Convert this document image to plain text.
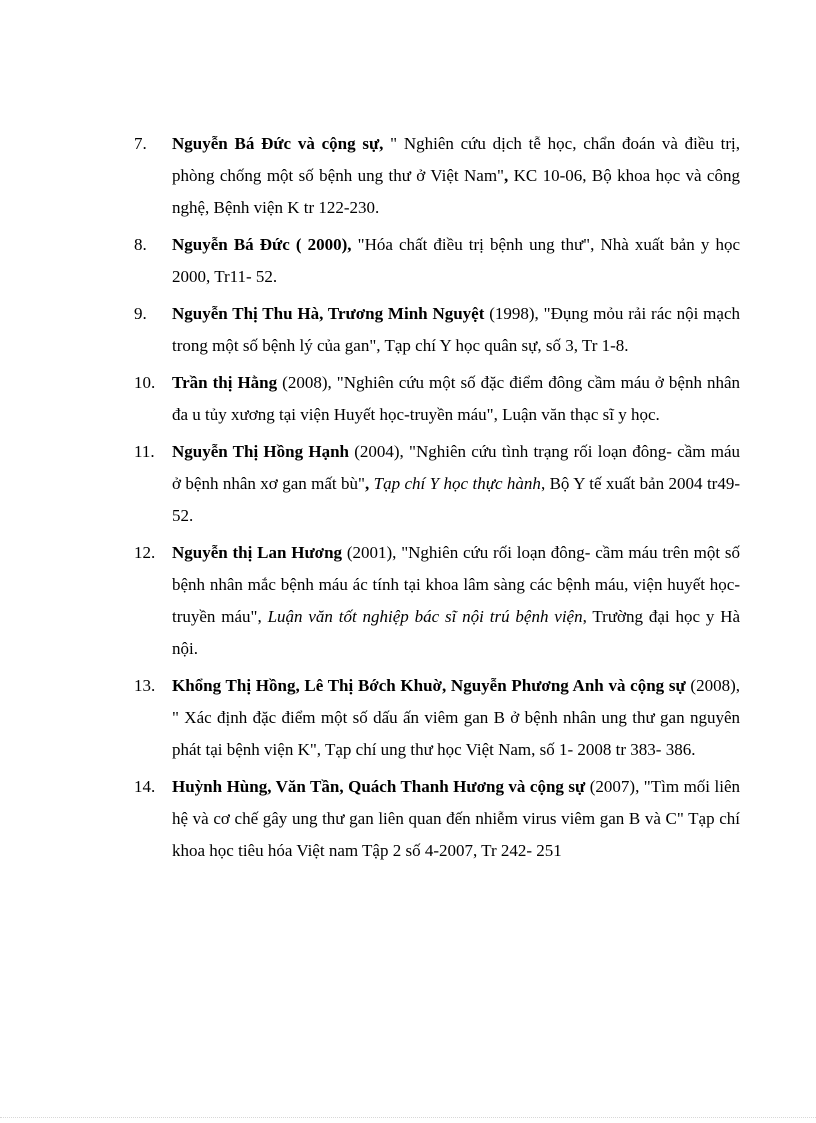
7.	Nguyễn Bá Đức và cộng sự, " Nghiên cứu dịch tễ học, chẩn đoán và điều trị, phòng chống một số bệnh ung thư ở Việt Nam", KC 10-06, Bộ khoa học và công nghệ, Bệnh viện K tr 122-230.
8.	Nguyễn Bá Đức ( 2000), "Hóa chất điều trị bệnh ung thư", Nhà xuất bản y học 2000, Tr11- 52.
9.	Nguyễn Thị Thu Hà, Trương Minh Nguyệt (1998), "Đụng mỏu rải rác nội mạch trong một số bệnh lý của gan", Tạp chí Y học quân sự, số 3, Tr 1-8.
10. Trần thị Hằng (2008), "Nghiên cứu một số đặc điểm đông cầm máu ở bệnh nhân đa u tủy xương tại viện Huyết học-truyền máu", Luận văn thạc sĩ y học.
11.	Nguyễn Thị Hồng Hạnh (2004), "Nghiên cứu tình trạng rối loạn đông- cầm máu ở bệnh nhân xơ gan mất bù", Tạp chí Y học thực hành, Bộ Y tế xuất bản 2004 tr49- 52.
12. Nguyễn thị Lan Hương (2001), "Nghiên cứu rối loạn đông- cầm máu trên một số bệnh nhân mắc bệnh máu ác tính tại khoa lâm sàng các bệnh máu, viện huyết học- truyền máu", Luận văn tốt nghiệp bác sĩ nội trú bệnh viện, Trường đại học y Hà nội.
13. Khổng Thị Hồng, Lê Thị Bớch Khuờ, Nguyễn Phương Anh và cộng sự (2008), " Xác định đặc điểm một số dấu ấn viêm gan B ở bệnh nhân ung thư gan nguyên phát tại bệnh viện K", Tạp chí ung thư học Việt Nam, số 1- 2008 tr 383- 386.
14. Huỳnh Hùng, Văn Tần, Quách Thanh Hương và cộng sự (2007), "Tìm mối liên hệ và cơ chế gây ung thư gan liên quan đến nhiễm virus viêm gan B và C" Tạp chí khoa học tiêu hóa Việt nam Tập 2 số 4-2007, Tr 242- 251
